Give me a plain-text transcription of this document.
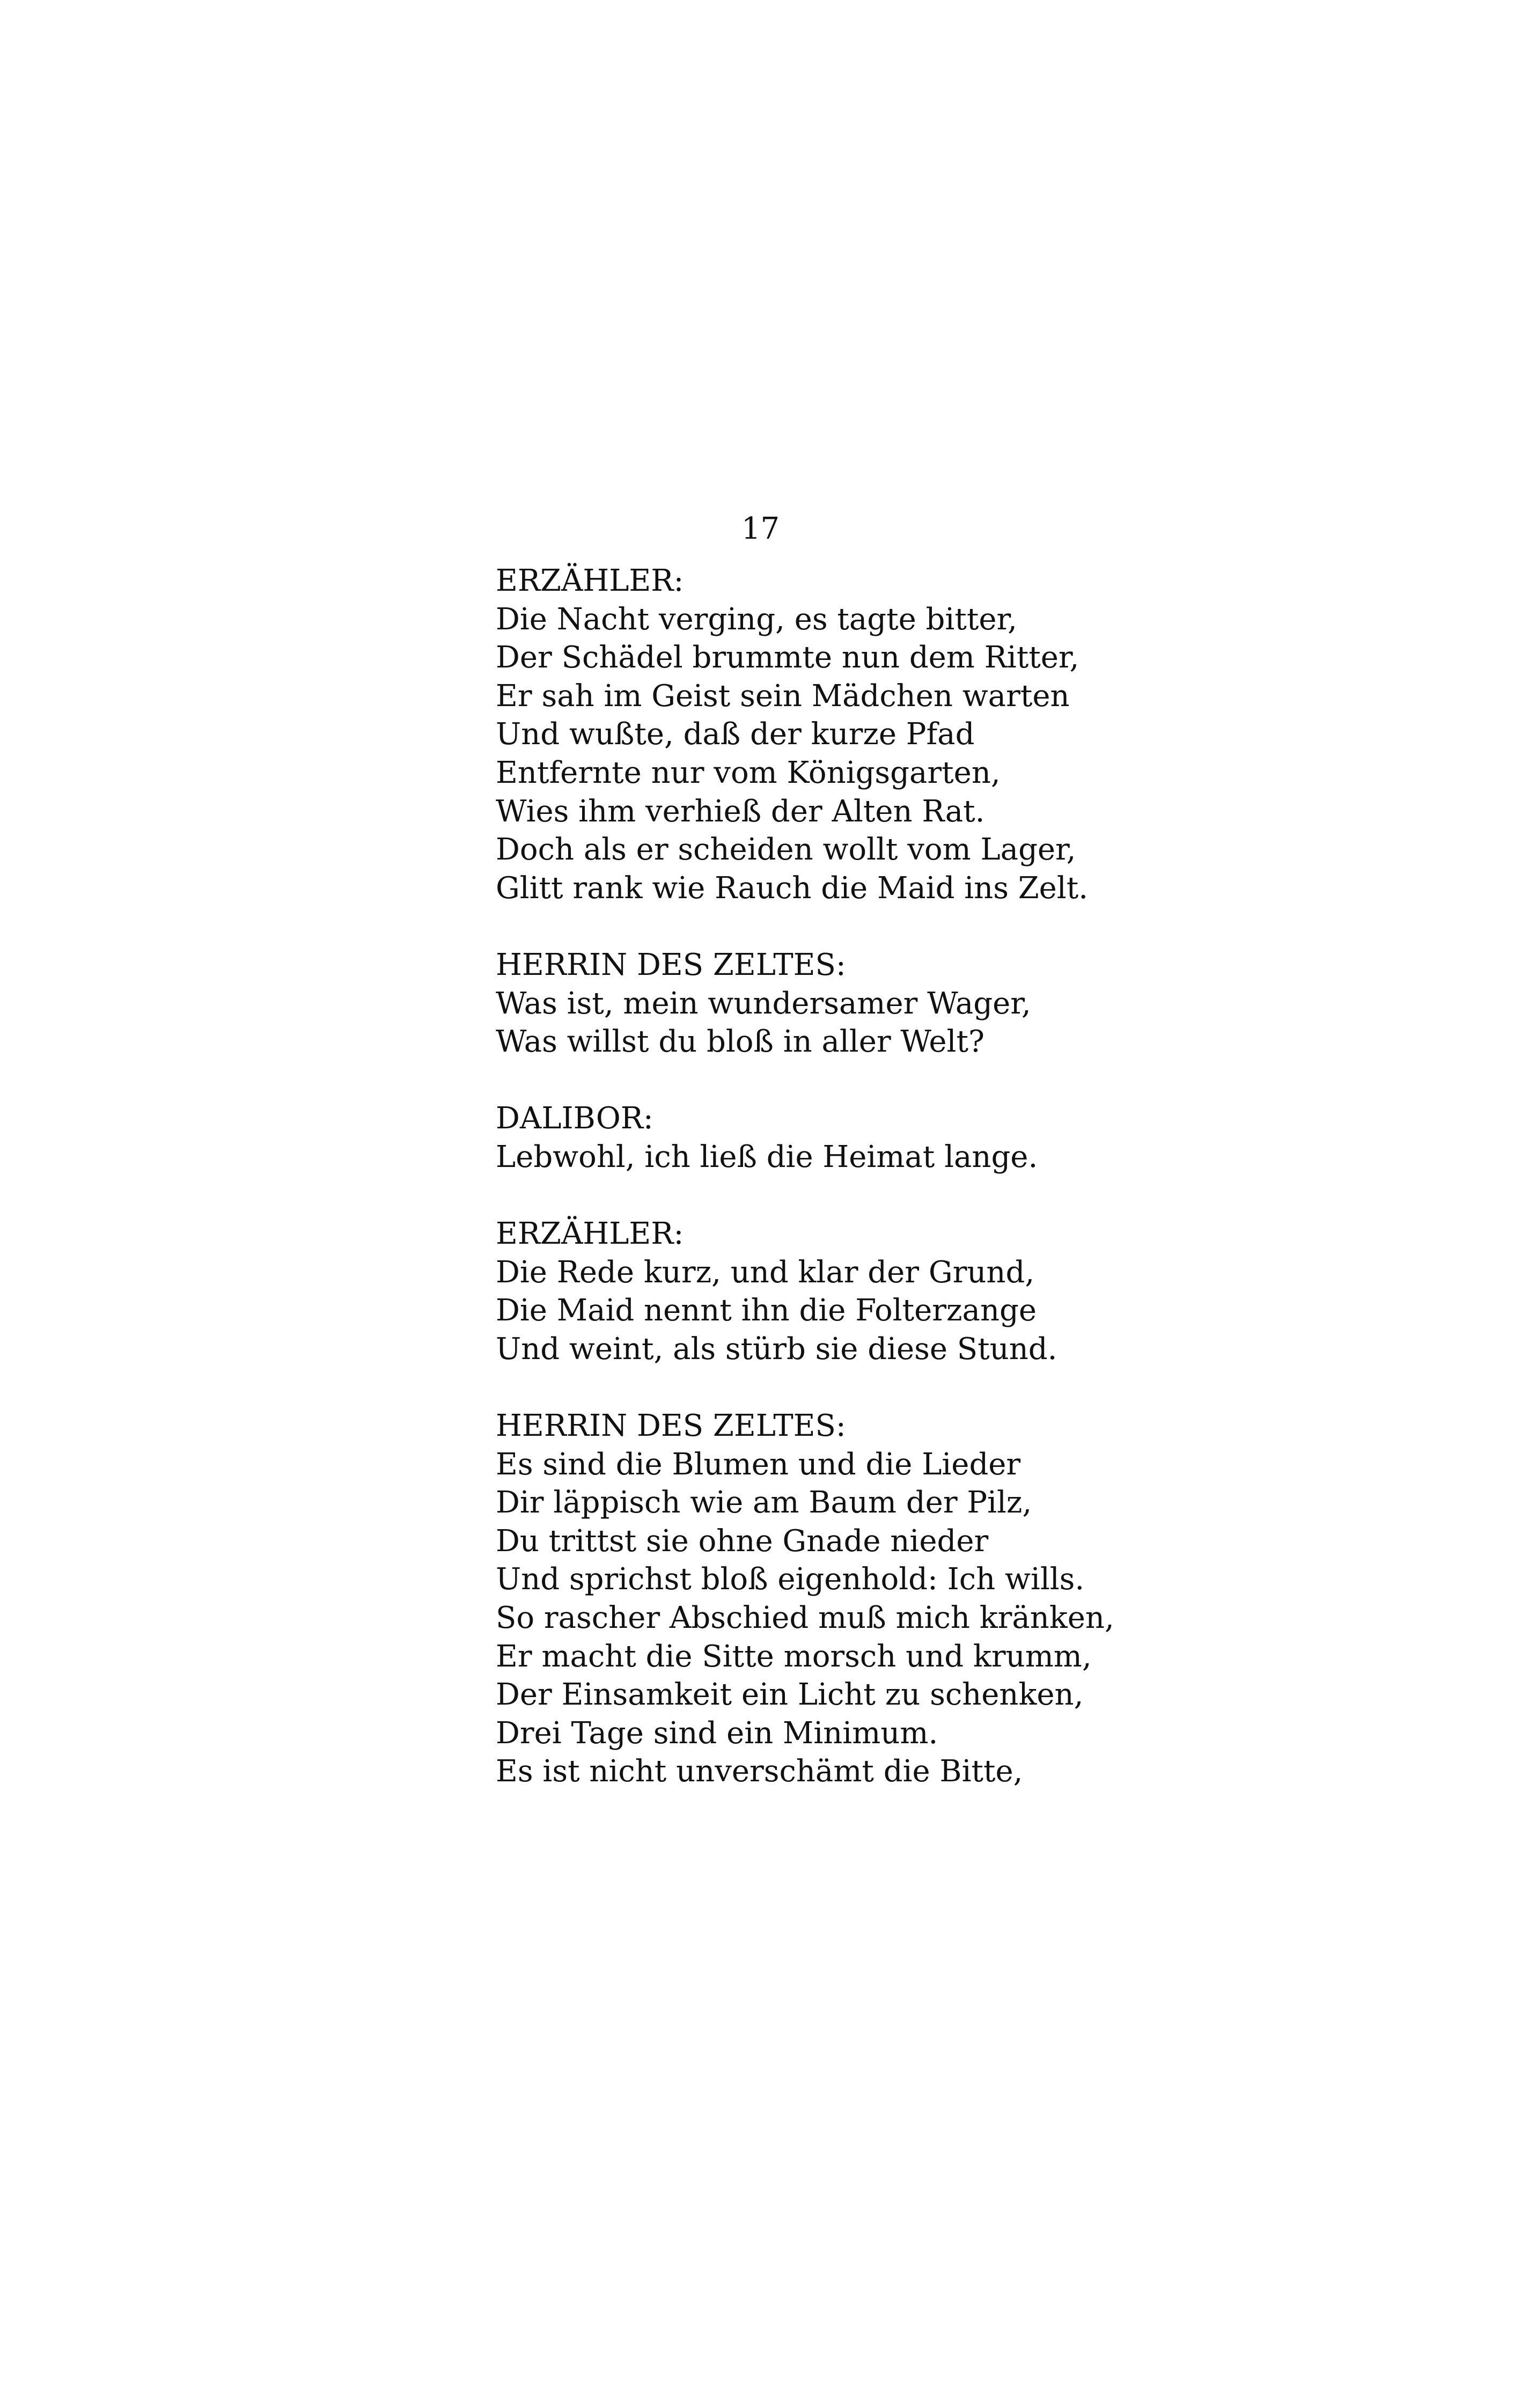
17
ERZÄHLER:
Die Nacht verging, es tagte bitter,
Der Schädel brummte nun dem Ritter,
Er sah im Geist sein Mädchen warten
Und wußte, daß der kurze Pfad
Entfernte nur vom Königsgarten,
Wies ihm verhieß der Alten Rat.
Doch als er scheiden wollt vom Lager,
Glitt rank wie Rauch die Maid ins Zelt.
HERRIN DES ZELTES:
Was ist, mein wundersamer Wager,
Was willst du bloß in aller Welt?
DALIBOR:
Lebwohl, ich ließ die Heimat lange.
ERZÄHLER:
Die Rede kurz, und klar der Grund,
Die Maid nennt ihn die Folterzange
Und weint, als stürb sie diese Stund.
HERRIN DES ZELTES:
Es sind die Blumen und die Lieder
Dir läppisch wie am Baum der Pilz,
Du trittst sie ohne Gnade nieder
Und sprichst bloß eigenhold: Ich wills.
So rascher Abschied muß mich kränken,
Er macht die Sitte morsch und krumm,
Der Einsamkeit ein Licht zu schenken,
Drei Tage sind ein Minimum.
Es ist nicht unverschämt die Bitte,
